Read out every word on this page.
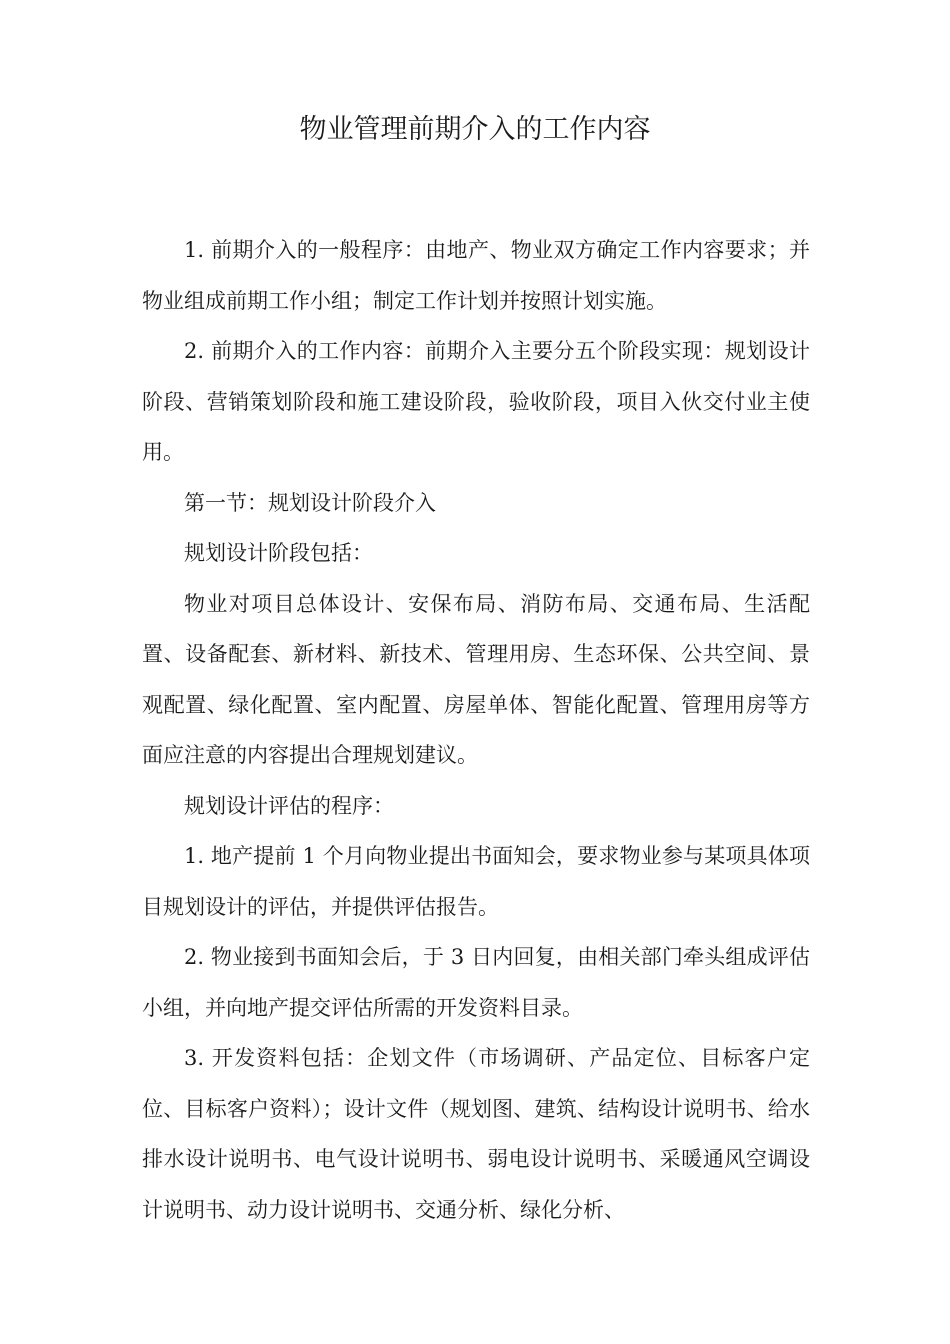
物业管理前期介入的工作内容

1. 前期介入的一般程序：由地产、物业双方确定工作内容要求；并物业组成前期工作小组；制定工作计划并按照计划实施。

2. 前期介入的工作内容：前期介入主要分五个阶段实现：规划设计阶段、营销策划阶段和施工建设阶段，验收阶段，项目入伙交付业主使用。

第一节：规划设计阶段介入

规划设计阶段包括：

物业对项目总体设计、安保布局、消防布局、交通布局、生活配置、设备配套、新材料、新技术、管理用房、生态环保、公共空间、景观配置、绿化配置、室内配置、房屋单体、智能化配置、管理用房等方面应注意的内容提出合理规划建议。

规划设计评估的程序：

1. 地产提前 1 个月向物业提出书面知会，要求物业参与某项具体项目规划设计的评估，并提供评估报告。

2. 物业接到书面知会后，于 3 日内回复，由相关部门牵头组成评估小组，并向地产提交评估所需的开发资料目录。

3. 开发资料包括：企划文件（市场调研、产品定位、目标客户定位、目标客户资料）；设计文件（规划图、建筑、结构设计说明书、给水排水设计说明书、电气设计说明书、弱电设计说明书、采暖通风空调设计说明书、动力设计说明书、交通分析、绿化分析、
